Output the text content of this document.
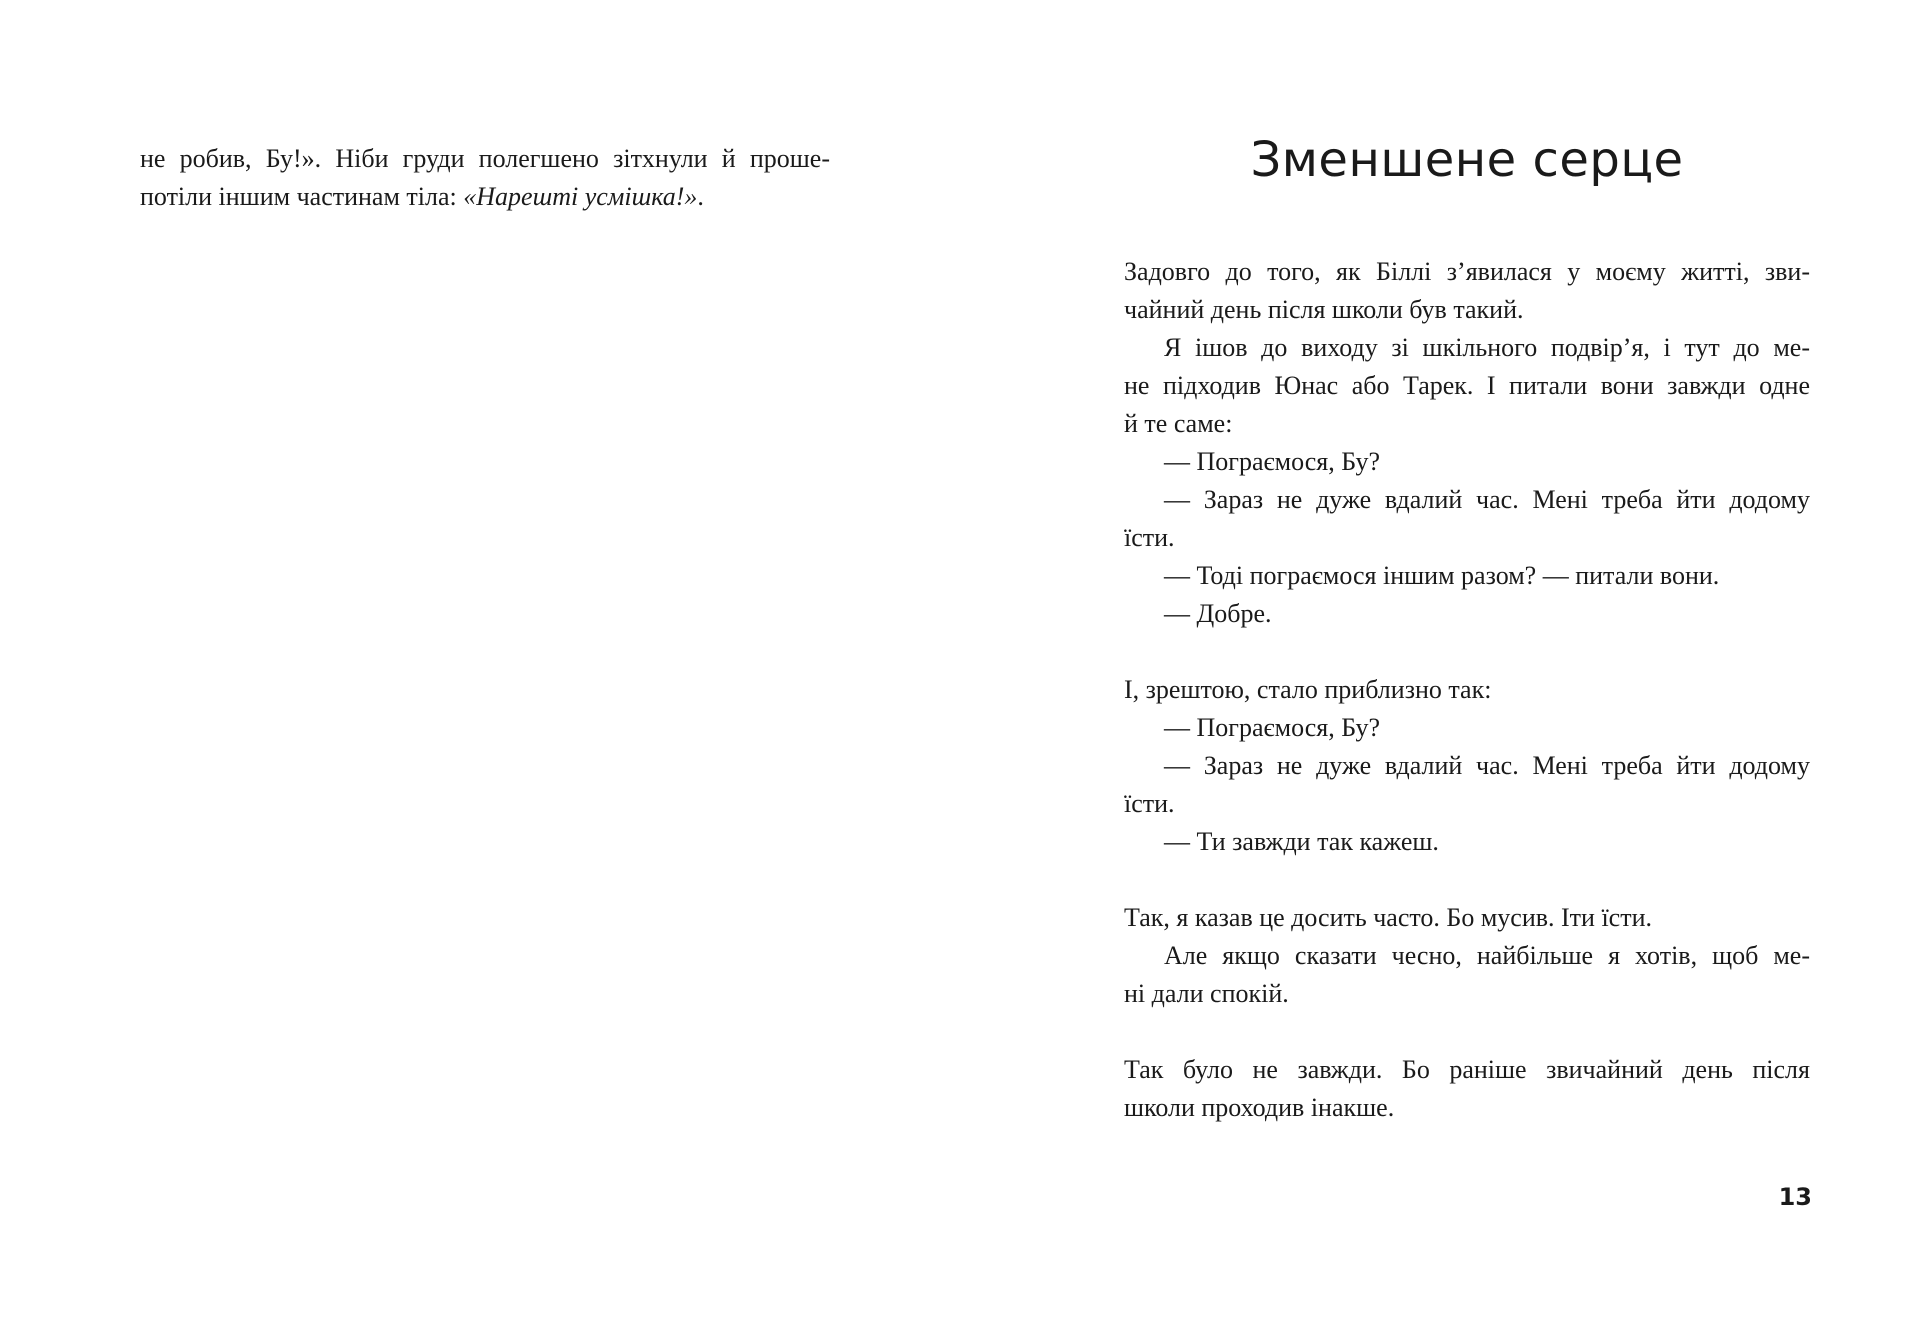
не робив, Бу!». Ніби груди полегшено зітхнули й проше-

потіли іншим частинам тіла: «Нарешті усмішка!».

Зменшене серце

Задовго до того, як Біллі з’явилася у моєму житті, зви-

чайний день після школи був такий.

Я ішов до виходу зі шкільного подвір’я, і тут до ме-

не підходив Юнас або Тарек. І питали вони завжди одне

й те саме:

— Пограємося, Бу?

— Зараз не дуже вдалий час. Мені треба йти додому

їсти.

— Тоді пограємося іншим разом? — питали вони.

— Добре.

І, зрештою, стало приблизно так:

— Пограємося, Бу?

— Зараз не дуже вдалий час. Мені треба йти додому

їсти.

— Ти завжди так кажеш.

Так, я казав це досить часто. Бо мусив. Іти їсти.

Але якщо сказати чесно, найбільше я хотів, щоб ме-

ні дали спокій.

Так було не завжди. Бо раніше звичайний день після

школи проходив інакше.

13
